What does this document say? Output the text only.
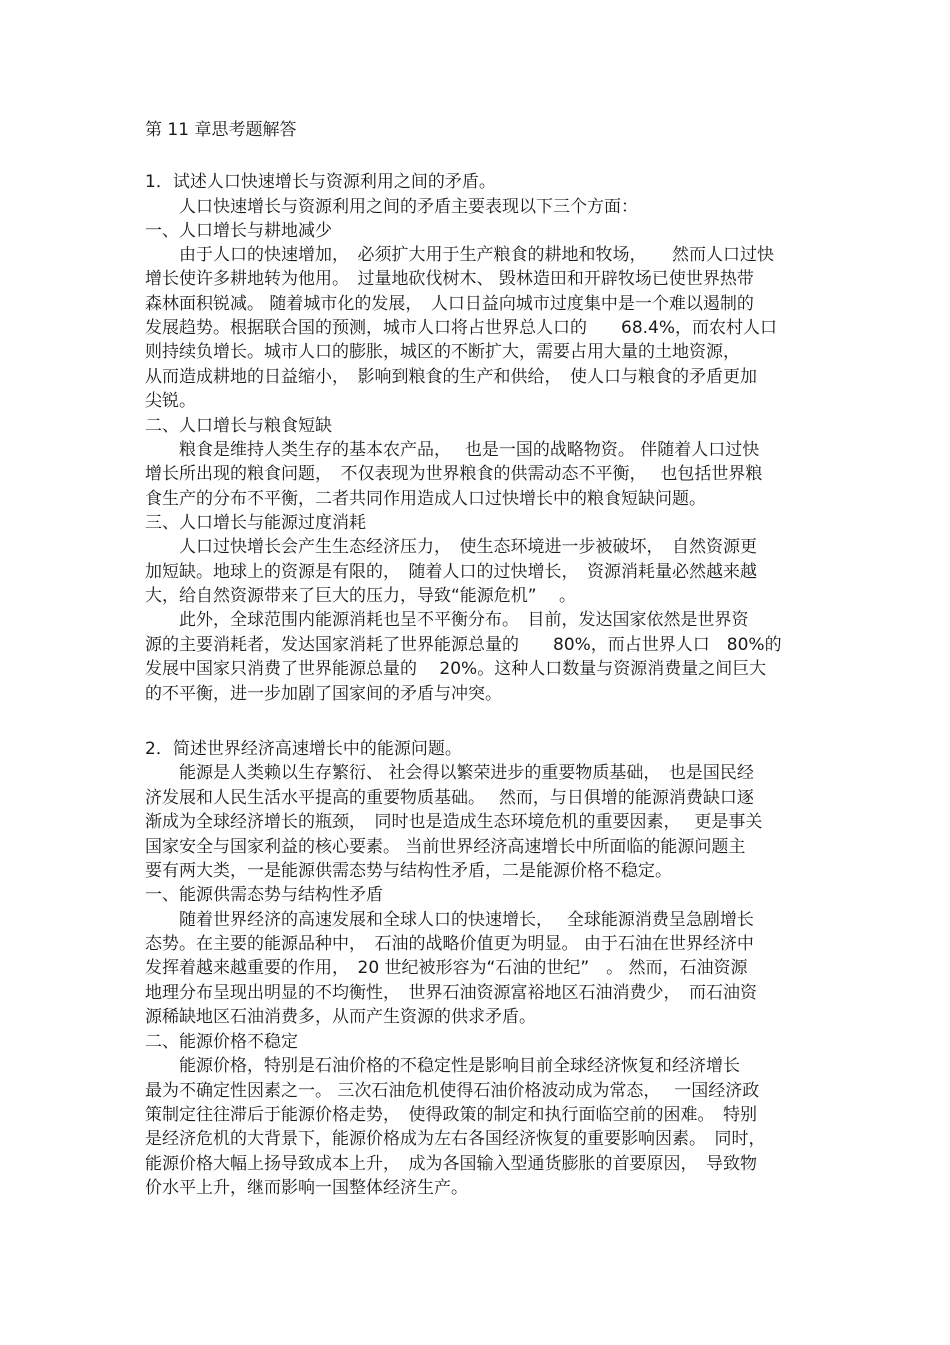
第 11 章思考题解答
1．试述人口快速增长与资源利用之间的矛盾。
　　人口快速增长与资源利用之间的矛盾主要表现以下三个方面：
一、人口增长与耕地减少
　　由于人口的快速增加，　必须扩大用于生产粮食的耕地和牧场，　　然而人口过快
增长使许多耕地转为他用。　过量地砍伐树木、 毁林造田和开辟牧场已使世界热带
森林面积锐减。 随着城市化的发展，　人口日益向城市过度集中是一个难以遏制的
发展趋势。根据联合国的预测，城市人口将占世界总人口的　　68.4%，而农村人口
则持续负增长。城市人口的膨胀，城区的不断扩大，需要占用大量的土地资源，
从而造成耕地的日益缩小，　影响到粮食的生产和供给，　使人口与粮食的矛盾更加
尖锐。
二、人口增长与粮食短缺
　　粮食是维持人类生存的基本农产品，　 也是一国的战略物资。 伴随着人口过快
增长所出现的粮食问题，　不仅表现为世界粮食的供需动态不平衡，　 也包括世界粮
食生产的分布不平衡，二者共同作用造成人口过快增长中的粮食短缺问题。
三、人口增长与能源过度消耗
　　人口过快增长会产生生态经济压力，　使生态环境进一步被破坏，　自然资源更
加短缺。地球上的资源是有限的，　随着人口的过快增长，　资源消耗量必然越来越
大，给自然资源带来了巨大的压力，导致“能源危机”　 。
　　此外，全球范围内能源消耗也呈不平衡分布。　目前，发达国家依然是世界资
源的主要消耗者，发达国家消耗了世界能源总量的　　80%，而占世界人口　80%的
发展中国家只消费了世界能源总量的　 20%。这种人口数量与资源消费量之间巨大
的不平衡，进一步加剧了国家间的矛盾与冲突。
2．简述世界经济高速增长中的能源问题。
　　能源是人类赖以生存繁衍、 社会得以繁荣进步的重要物质基础，　也是国民经
济发展和人民生活水平提高的重要物质基础。　 然而，与日俱增的能源消费缺口逐
渐成为全球经济增长的瓶颈，　同时也是造成生态环境危机的重要因素，　 更是事关
国家安全与国家利益的核心要素。 当前世界经济高速增长中所面临的能源问题主
要有两大类，一是能源供需态势与结构性矛盾，二是能源价格不稳定。
一、能源供需态势与结构性矛盾
　　随着世界经济的高速发展和全球人口的快速增长，　 全球能源消费呈急剧增长
态势。在主要的能源品种中，　石油的战略价值更为明显。 由于石油在世界经济中
发挥着越来越重要的作用，　20 世纪被形容为“石油的世纪”　。 然而，石油资源
地理分布呈现出明显的不均衡性，　世界石油资源富裕地区石油消费少，　而石油资
源稀缺地区石油消费多，从而产生资源的供求矛盾。
二、能源价格不稳定
　　能源价格，特别是石油价格的不稳定性是影响目前全球经济恢复和经济增长
最为不确定性因素之一。 三次石油危机使得石油价格波动成为常态，　 一国经济政
策制定往往滞后于能源价格走势，　使得政策的制定和执行面临空前的困难。　特别
是经济危机的大背景下，能源价格成为左右各国经济恢复的重要影响因素。　同时，
能源价格大幅上扬导致成本上升，　成为各国输入型通货膨胀的首要原因，　导致物
价水平上升，继而影响一国整体经济生产。
